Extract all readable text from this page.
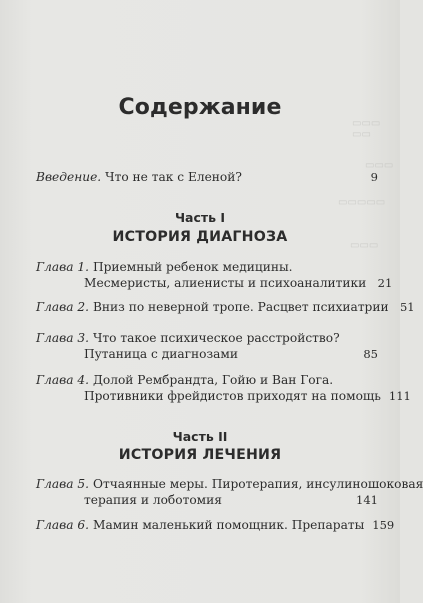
▭▭▭ ▭▭
▭▭▭
▭▭▭▭▭
▭▭▭
Содержание
Введение. Что не так с Еленой?	9
Часть I
ИСТОРИЯ ДИАГНОЗА
Глава 1. Приемный ребенок медицины.
Месмеристы, алиенисты и психоаналитики 21
Глава 2. Вниз по неверной тропе. Расцвет психиатрии 51
Глава 3. Что такое психическое расстройство?
Путаница с диагнозами	85
Глава 4. Долой Рембрандта, Гойю и Ван Гога.
Противники фрейдистов приходят на помощь 111
Часть II
ИСТОРИЯ ЛЕЧЕНИЯ
Глава 5. Отчаянные меры. Пиротерапия, инсулиношоковая
терапия и лоботомия	141
Глава 6. Мамин маленький помощник. Препараты 159
